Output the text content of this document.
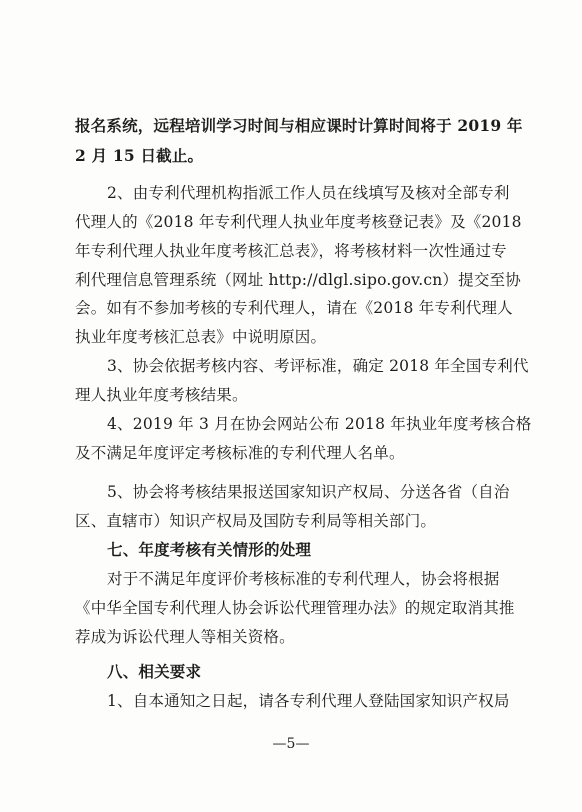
报名系统，远程培训学习时间与相应课时计算时间将于 2019 年
2 月 15 日截止。
2、由专利代理机构指派工作人员在线填写及核对全部专利
代理人的《2018 年专利代理人执业年度考核登记表》及《2018
年专利代理人执业年度考核汇总表》，将考核材料一次性通过专
利代理信息管理系统（网址 http://dlgl.sipo.gov.cn）提交至协
会。如有不参加考核的专利代理人，请在《2018 年专利代理人
执业年度考核汇总表》中说明原因。
3、协会依据考核内容、考评标准，确定 2018 年全国专利代
理人执业年度考核结果。
4、2019 年 3 月在协会网站公布 2018 年执业年度考核合格
及不满足年度评定考核标准的专利代理人名单。
5、协会将考核结果报送国家知识产权局、分送各省（自治
区、直辖市）知识产权局及国防专利局等相关部门。
七、年度考核有关情形的处理
对于不满足年度评价考核标准的专利代理人，协会将根据
《中华全国专利代理人协会诉讼代理管理办法》的规定取消其推
荐成为诉讼代理人等相关资格。
八、相关要求
1、自本通知之日起，请各专利代理人登陆国家知识产权局
—5—
